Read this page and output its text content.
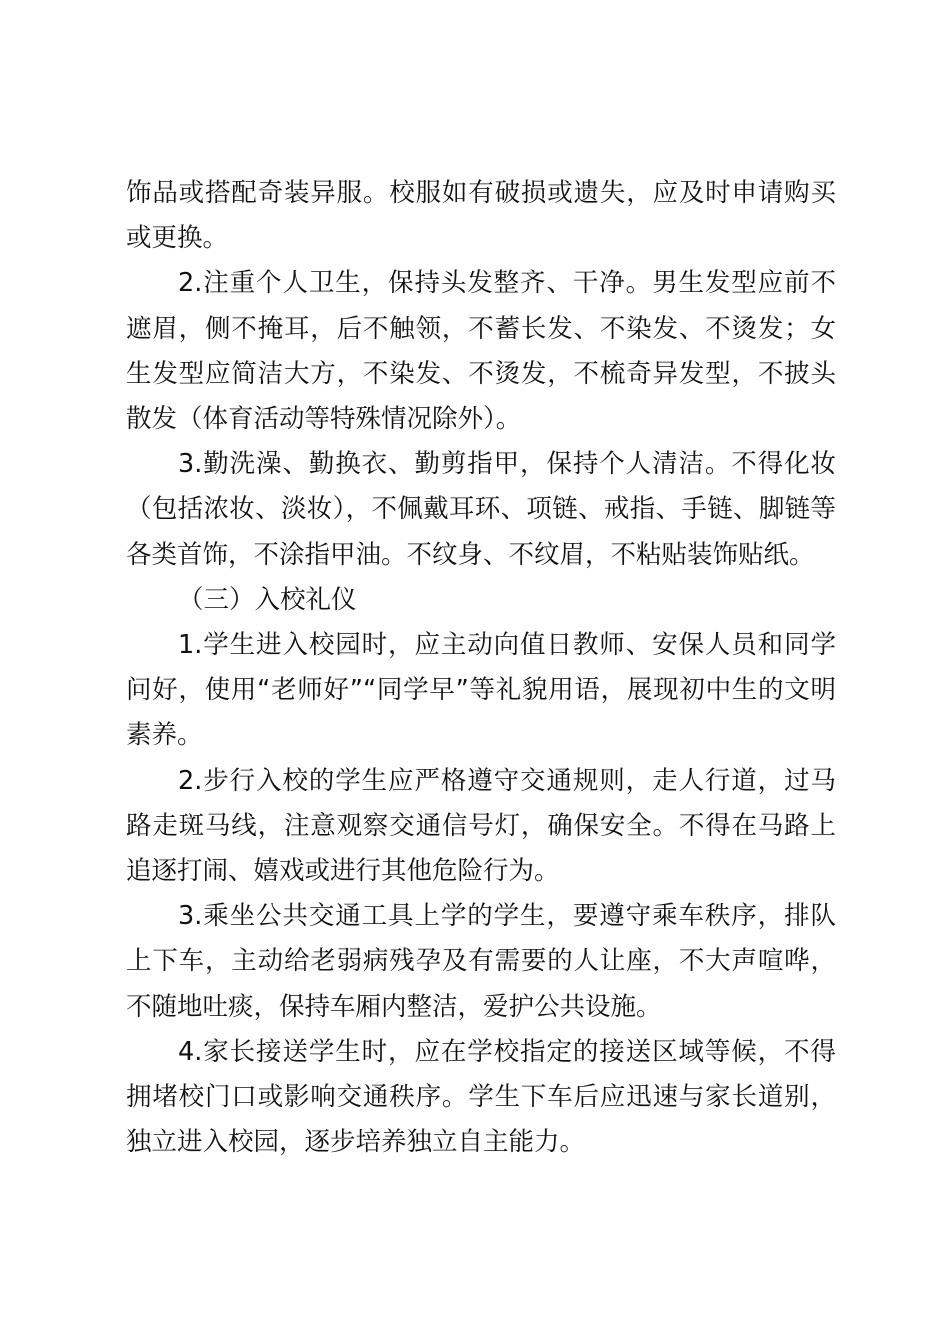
饰品或搭配奇装异服。校服如有破损或遗失，应及时申请购买或更换。

2.注重个人卫生，保持头发整齐、干净。男生发型应前不遮眉，侧不掩耳，后不触领，不蓄长发、不染发、不烫发；女生发型应简洁大方，不染发、不烫发，不梳奇异发型，不披头散发（体育活动等特殊情况除外）。

3.勤洗澡、勤换衣、勤剪指甲，保持个人清洁。不得化妆（包括浓妆、淡妆），不佩戴耳环、项链、戒指、手链、脚链等各类首饰，不涂指甲油。不纹身、不纹眉，不粘贴装饰贴纸。

（三）入校礼仪

1.学生进入校园时，应主动向值日教师、安保人员和同学问好，使用“老师好”“同学早”等礼貌用语，展现初中生的文明素养。

2.步行入校的学生应严格遵守交通规则，走人行道，过马路走斑马线，注意观察交通信号灯，确保安全。不得在马路上追逐打闹、嬉戏或进行其他危险行为。

3.乘坐公共交通工具上学的学生，要遵守乘车秩序，排队上下车，主动给老弱病残孕及有需要的人让座，不大声喧哗，不随地吐痰，保持车厢内整洁，爱护公共设施。

4.家长接送学生时，应在学校指定的接送区域等候，不得拥堵校门口或影响交通秩序。学生下车后应迅速与家长道别，独立进入校园，逐步培养独立自主能力。
